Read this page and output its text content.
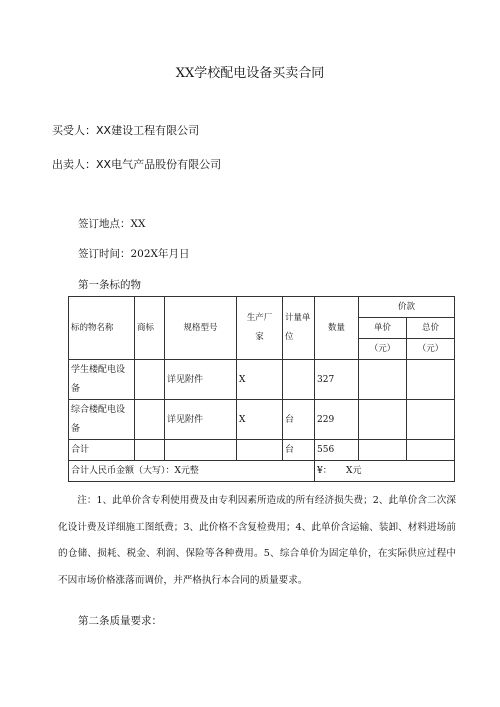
XX学校配电设备买卖合同
买受人：XX建设工程有限公司
出卖人：XX电气产品股份有限公司
签订地点：XX
签订时间：202X年月日
第一条标的物
标的物名称	商标	规格型号	生产厂家	计量单位	数量	价款	
						单价	总价
						（元）	（元）
学生楼配电设备		详见附件	X		327		
综合楼配电设备		详见附件	X	台	229		
合计				台	556		
合计人民币金额（大写）：X元整					¥：     X元		
注：1、此单价含专利使用费及由专利因素所造成的所有经济损失费；2、此单价含二次深化设计费及详细施工图纸费；3、此价格不含复检费用；4、此单价含运输、装卸、材料进场前的仓储、损耗、税金、利润、保险等各种费用。5、综合单价为固定单价，在实际供应过程中不因市场价格涨落而调价，并严格执行本合同的质量要求。
第二条质量要求：
